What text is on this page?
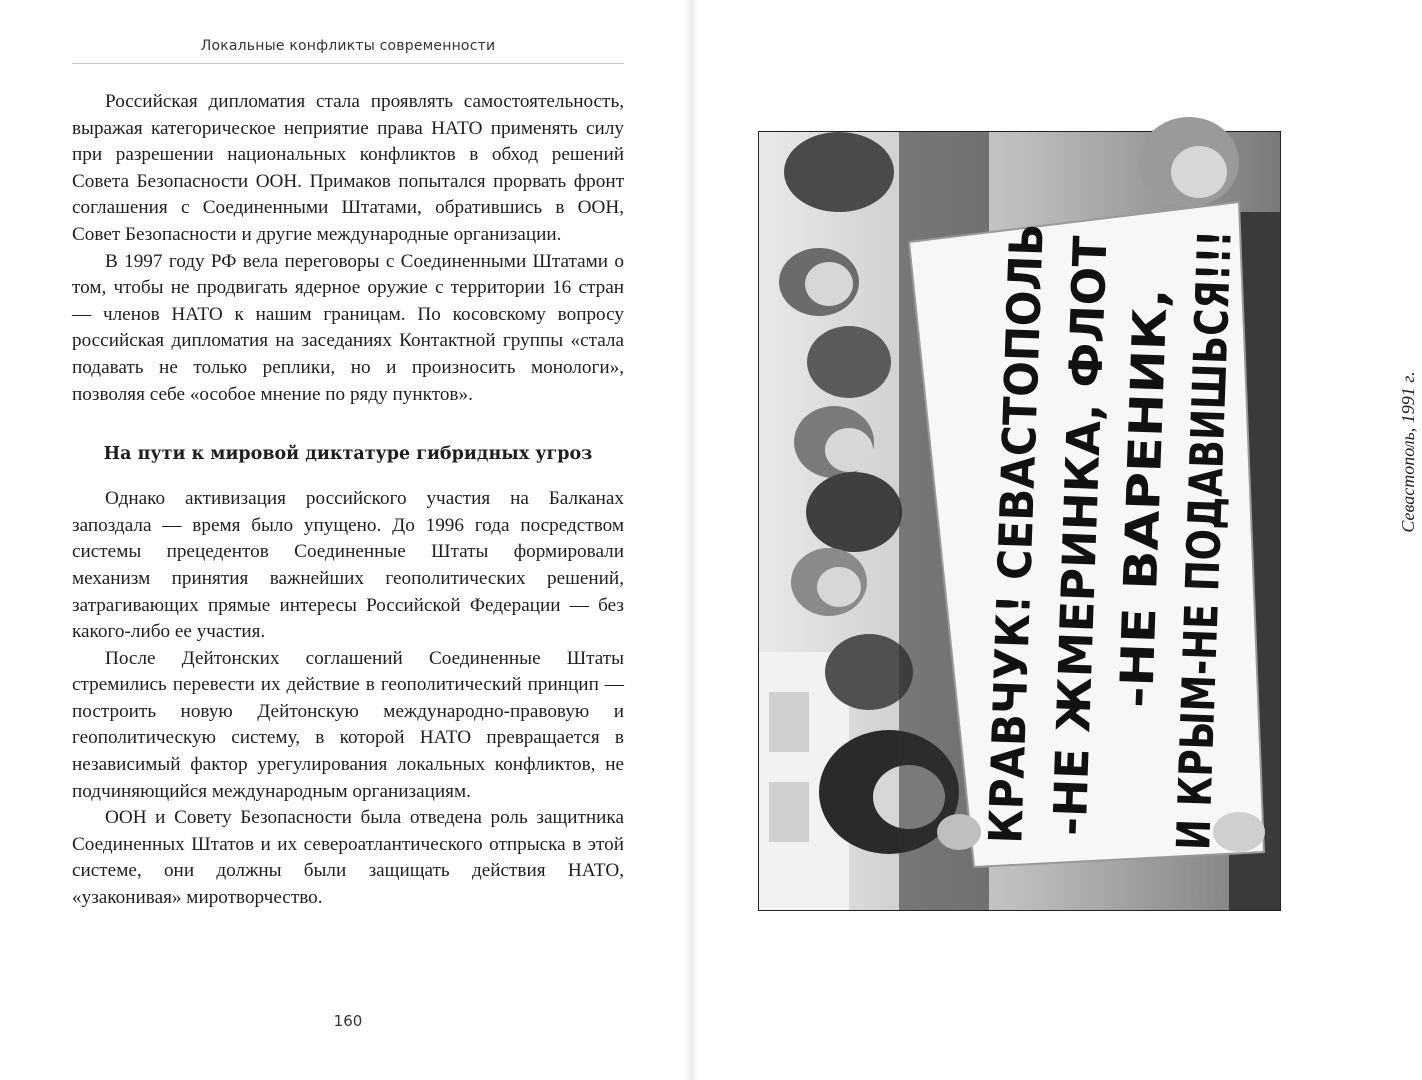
Локальные конфликты современности

Российская дипломатия стала проявлять самостоятельность, выражая категорическое неприятие права НАТО применять силу при разрешении национальных конфликтов в обход решений Совета Безопасности ООН. Примаков попытался прорвать фронт соглашения с Соединенными Штатами, обратившись в ООН, Совет Безопасности и другие международные организации.

В 1997 году РФ вела переговоры с Соединенными Штатами о том, чтобы не продвигать ядерное оружие с территории 16 стран — членов НАТО к нашим границам. По косовскому вопросу российская дипломатия на заседаниях Контактной группы «стала подавать не только реплики, но и произносить монологи», позволяя себе «особое мнение по ряду пунктов».

На пути к мировой диктатуре гибридных угроз

Однако активизация российского участия на Балканах запоздала — время было упущено. До 1996 года посредством системы прецедентов Соединенные Штаты формировали механизм принятия важнейших геополитических решений, затрагивающих прямые интересы Российской Федерации — без какого-либо ее участия.

После Дейтонских соглашений Соединенные Штаты стремились перевести их действие в геополитический принцип — построить новую Дейтонскую международно-правовую и геополитическую систему, в которой НАТО превращается в независимый фактор урегулирования локальных конфликтов, не подчиняющийся международным организациям.

ООН и Совету Безопасности была отведена роль защитника Соединенных Штатов и их североатлантического отпрыска в этой системе, они должны были защищать действия НАТО, «узаконивая» миротворчество.

160
КРАВЧУК! СЕВАСТОПОЛЬ
-НЕ ЖМЕРИНКА, ФЛОТ
-НЕ ВАРЕНИК,
И КРЫМ-НЕ ПОДАВИШЬСЯ!!!	Севастополь, 1991 г.
